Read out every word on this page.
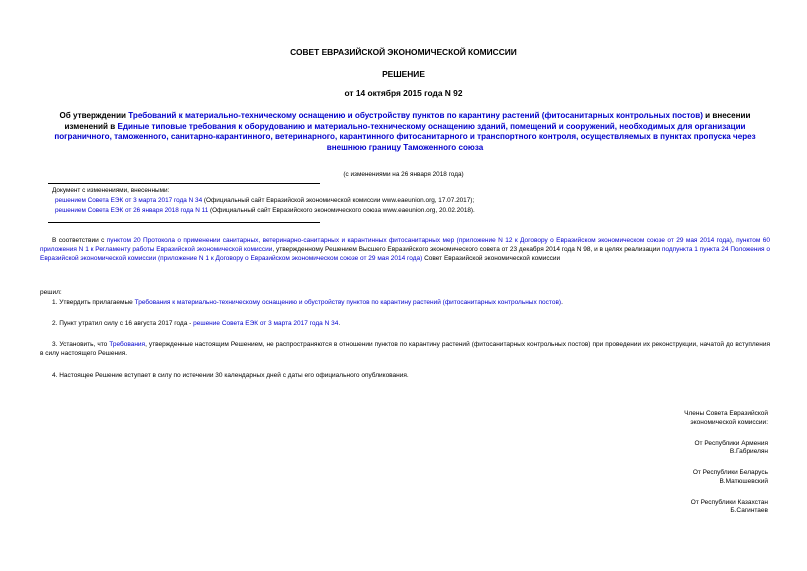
СОВЕТ ЕВРАЗИЙСКОЙ ЭКОНОМИЧЕСКОЙ КОМИССИИ
РЕШЕНИЕ
от 14 октября 2015 года N 92
Об утверждении Требований к материально-техническому оснащению и обустройству пунктов по карантину растений (фитосанитарных контрольных постов) и внесении изменений в Единые типовые требования к оборудованию и материально-техническому оснащению зданий, помещений и сооружений, необходимых для организации пограничного, таможенного, санитарно-карантинного, ветеринарного, карантинного фитосанитарного и транспортного контроля, осуществляемых в пунктах пропуска через внешнюю границу Таможенного союза
(с изменениями на 26 января 2018 года)
Документ с изменениями, внесенными:
решением Совета ЕЭК от 3 марта 2017 года N 34 (Официальный сайт Евразийской экономической комиссии www.eaeunion.org, 17.07.2017);
решением Совета ЕЭК от 26 января 2018 года N 11 (Официальный сайт Евразийского экономического союза www.eaeunion.org, 20.02.2018).
В соответствии с пунктом 20 Протокола о применении санитарных, ветеринарно-санитарных и карантинных фитосанитарных мер (приложение N 12 к Договору о Евразийском экономическом союзе от 29 мая 2014 года), пунктом 60 приложения N 1 к Регламенту работы Евразийской экономической комиссии, утвержденному Решением Высшего Евразийского экономического совета от 23 декабря 2014 года N 98, и в целях реализации подпункта 1 пункта 24 Положения о Евразийской экономической комиссии (приложение N 1 к Договору о Евразийском экономическом союзе от 29 мая 2014 года) Совет Евразийской экономической комиссии
решил:
1. Утвердить прилагаемые Требования к материально-техническому оснащению и обустройству пунктов по карантину растений (фитосанитарных контрольных постов).
2. Пункт утратил силу с 16 августа 2017 года - решение Совета ЕЭК от 3 марта 2017 года N 34.
3. Установить, что Требования, утвержденные настоящим Решением, не распространяются в отношении пунктов по карантину растений (фитосанитарных контрольных постов) при проведении их реконструкции, начатой до вступления в силу настоящего Решения.
4. Настоящее Решение вступает в силу по истечении 30 календарных дней с даты его официального опубликования.
Члены Совета Евразийской
экономической комиссии:
От Республики Армения
В.Габриелян
От Республики Беларусь
В.Матюшевский
От Республики Казахстан
Б.Сагинтаев
